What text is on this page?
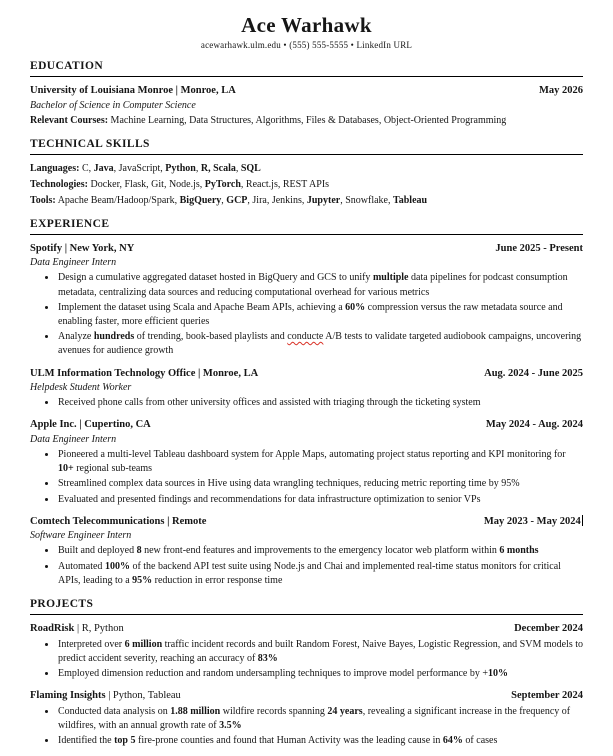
Ace Warhawk
acewarhawk.ulm.edu • (555) 555-5555 • LinkedIn URL
EDUCATION
University of Louisiana Monroe | Monroe, LA	May 2026
Bachelor of Science in Computer Science
Relevant Courses: Machine Learning, Data Structures, Algorithms, Files & Databases, Object-Oriented Programming
TECHNICAL SKILLS
Languages: C, Java, JavaScript, Python, R, Scala, SQL
Technologies: Docker, Flask, Git, Node.js, PyTorch, React.js, REST APIs
Tools: Apache Beam/Hadoop/Spark, BigQuery, GCP, Jira, Jenkins, Jupyter, Snowflake, Tableau
EXPERIENCE
Spotify | New York, NY	June 2025 - Present
Data Engineer Intern
• Design a cumulative aggregated dataset hosted in BigQuery and GCS to unify multiple data pipelines for podcast consumption metadata, centralizing data sources and reducing computational overhead for various metrics
• Implement the dataset using Scala and Apache Beam APIs, achieving a 60% compression versus the raw metadata source and enabling faster, more efficient queries
• Analyze hundreds of trending, book-based playlists and conducte A/B tests to validate targeted audiobook campaigns, uncovering avenues for audience growth
ULM Information Technology Office | Monroe, LA	Aug. 2024 - June 2025
Helpdesk Student Worker
• Received phone calls from other university offices and assisted with triaging through the ticketing system
Apple Inc. | Cupertino, CA	May 2024 - Aug. 2024
Data Engineer Intern
• Pioneered a multi-level Tableau dashboard system for Apple Maps, automating project status reporting and KPI monitoring for 10+ regional sub-teams
• Streamlined complex data sources in Hive using data wrangling techniques, reducing metric reporting time by 95%
• Evaluated and presented findings and recommendations for data infrastructure optimization to senior VPs
Comtech Telecommunications | Remote	May 2023 - May 2024
Software Engineer Intern
• Built and deployed 8 new front-end features and improvements to the emergency locator web platform within 6 months
• Automated 100% of the backend API test suite using Node.js and Chai and implemented real-time status monitors for critical APIs, leading to a 95% reduction in error response time
PROJECTS
RoadRisk | R, Python	December 2024
• Interpreted over 6 million traffic incident records and built Random Forest, Naive Bayes, Logistic Regression, and SVM models to predict accident severity, reaching an accuracy of 83%
• Employed dimension reduction and random undersampling techniques to improve model performance by +10%
Flaming Insights | Python, Tableau	September 2024
• Conducted data analysis on 1.88 million wildfire records spanning 24 years, revealing a significant increase in the frequency of wildfires, with an annual growth rate of 3.5%
• Identified the top 5 fire-prone counties and found that Human Activity was the leading cause in 64% of cases
